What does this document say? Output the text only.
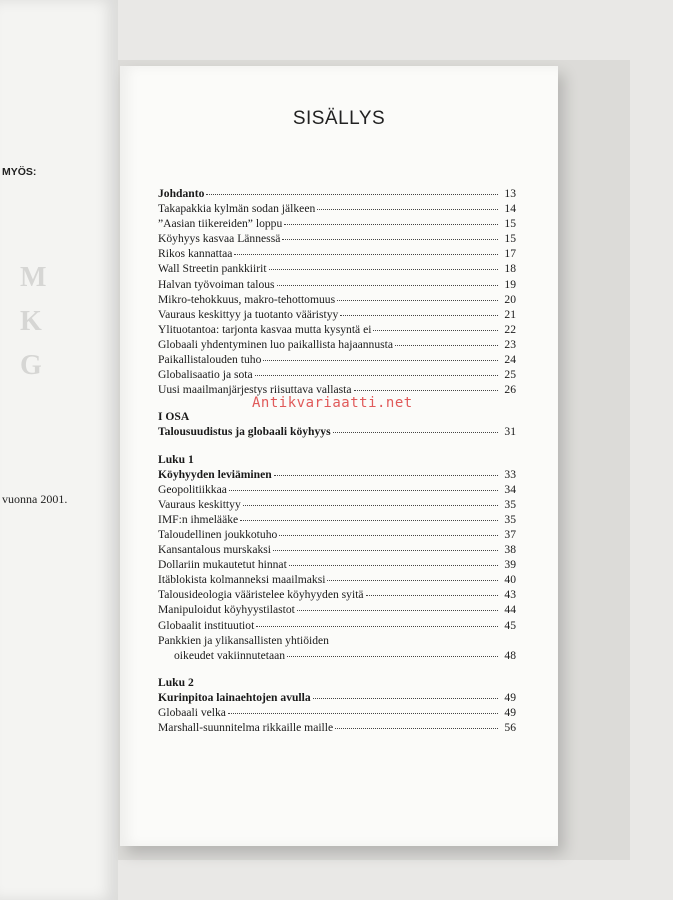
M
K
G
MYÖS:
vuonna 2001.
SISÄLLYS
Johdanto	13
Takapakkia kylmän sodan jälkeen	14
”Aasian tiikereiden” loppu	15
Köyhyys kasvaa Lännessä	15
Rikos kannattaa	17
Wall Streetin pankkiirit	18
Halvan työvoiman talous	19
Mikro-tehokkuus, makro-tehottomuus	20
Vauraus keskittyy ja tuotanto vääristyy	21
Ylituotantoa: tarjonta kasvaa mutta kysyntä ei	22
Globaali yhdentyminen luo paikallista hajaannusta	23
Paikallistalouden tuho	24
Globalisaatio ja sota	25
Uusi maailmanjärjestys riisuttava vallasta	26
I OSA
Talousuudistus ja globaali köyhyys	31
Luku 1
Köyhyyden leviäminen	33
Geopolitiikkaa	34
Vauraus keskittyy	35
IMF:n ihmelääke	35
Taloudellinen joukkotuho	37
Kansantalous murskaksi	38
Dollariin mukautetut hinnat	39
Itäblokista kolmanneksi maailmaksi	40
Talousideologia vääristelee köyhyyden syitä	43
Manipuloidut köyhyystilastot	44
Globaalit instituutiot	45
Pankkien ja ylikansallisten yhtiöiden
oikeudet vakiinnutetaan	48
Luku 2
Kurinpitoa lainaehtojen avulla	49
Globaali velka	49
Marshall-suunnitelma rikkaille maille	56
Antikvariaatti.net
